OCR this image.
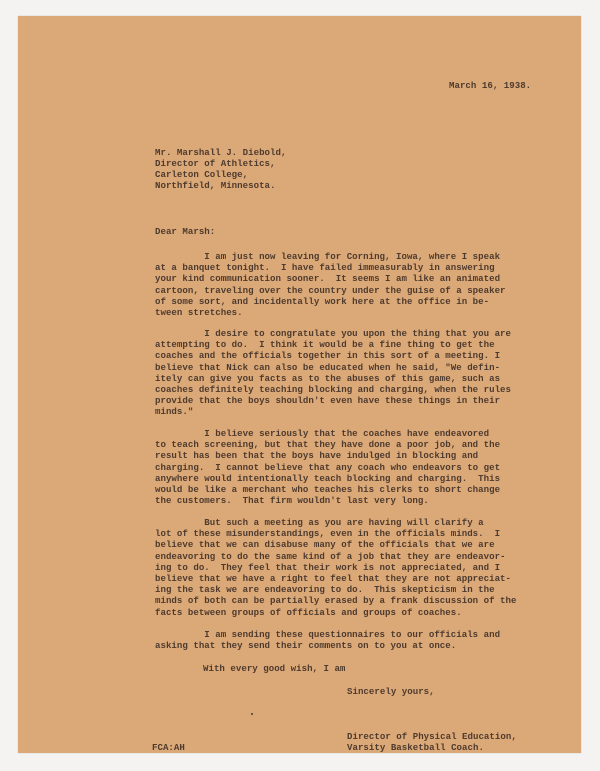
March 16, 1938.
Mr. Marshall J. Diebold,
Director of Athletics,
Carleton College,
Northfield, Minnesota.
Dear Marsh:
I am just now leaving for Corning, Iowa, where I speak
at a banquet tonight.  I have failed immeasurably in answering
your kind communication sooner.  It seems I am like an animated
cartoon, traveling over the country under the guise of a speaker
of some sort, and incidentally work here at the office in be-
tween stretches.
I desire to congratulate you upon the thing that you are
attempting to do.  I think it would be a fine thing to get the
coaches and the officials together in this sort of a meeting. I
believe that Nick can also be educated when he said, "We defin-
itely can give you facts as to the abuses of this game, such as
coaches definitely teaching blocking and charging, when the rules
provide that the boys shouldn't even have these things in their
minds."
I believe seriously that the coaches have endeavored
to teach screening, but that they have done a poor job, and the
result has been that the boys have indulged in blocking and
charging.  I cannot believe that any coach who endeavors to get
anywhere would intentionally teach blocking and charging.  This
would be like a merchant who teaches his clerks to short change
the customers.  That firm wouldn't last very long.
But such a meeting as you are having will clarify a
lot of these misunderstandings, even in the officials minds.  I
believe that we can disabuse many of the officials that we are
endeavoring to do the same kind of a job that they are endeavor-
ing to do.  They feel that their work is not appreciated, and I
believe that we have a right to feel that they are not appreciat-
ing the task we are endeavoring to do.  This skepticism in the
minds of both can be partially erased by a frank discussion of the
facts between groups of officials and groups of coaches.
I am sending these questionnaires to our officials and
asking that they send their comments on to you at once.
With every good wish, I am
Sincerely yours,
Director of Physical Education,
Varsity Basketball Coach.
FCA:AH
